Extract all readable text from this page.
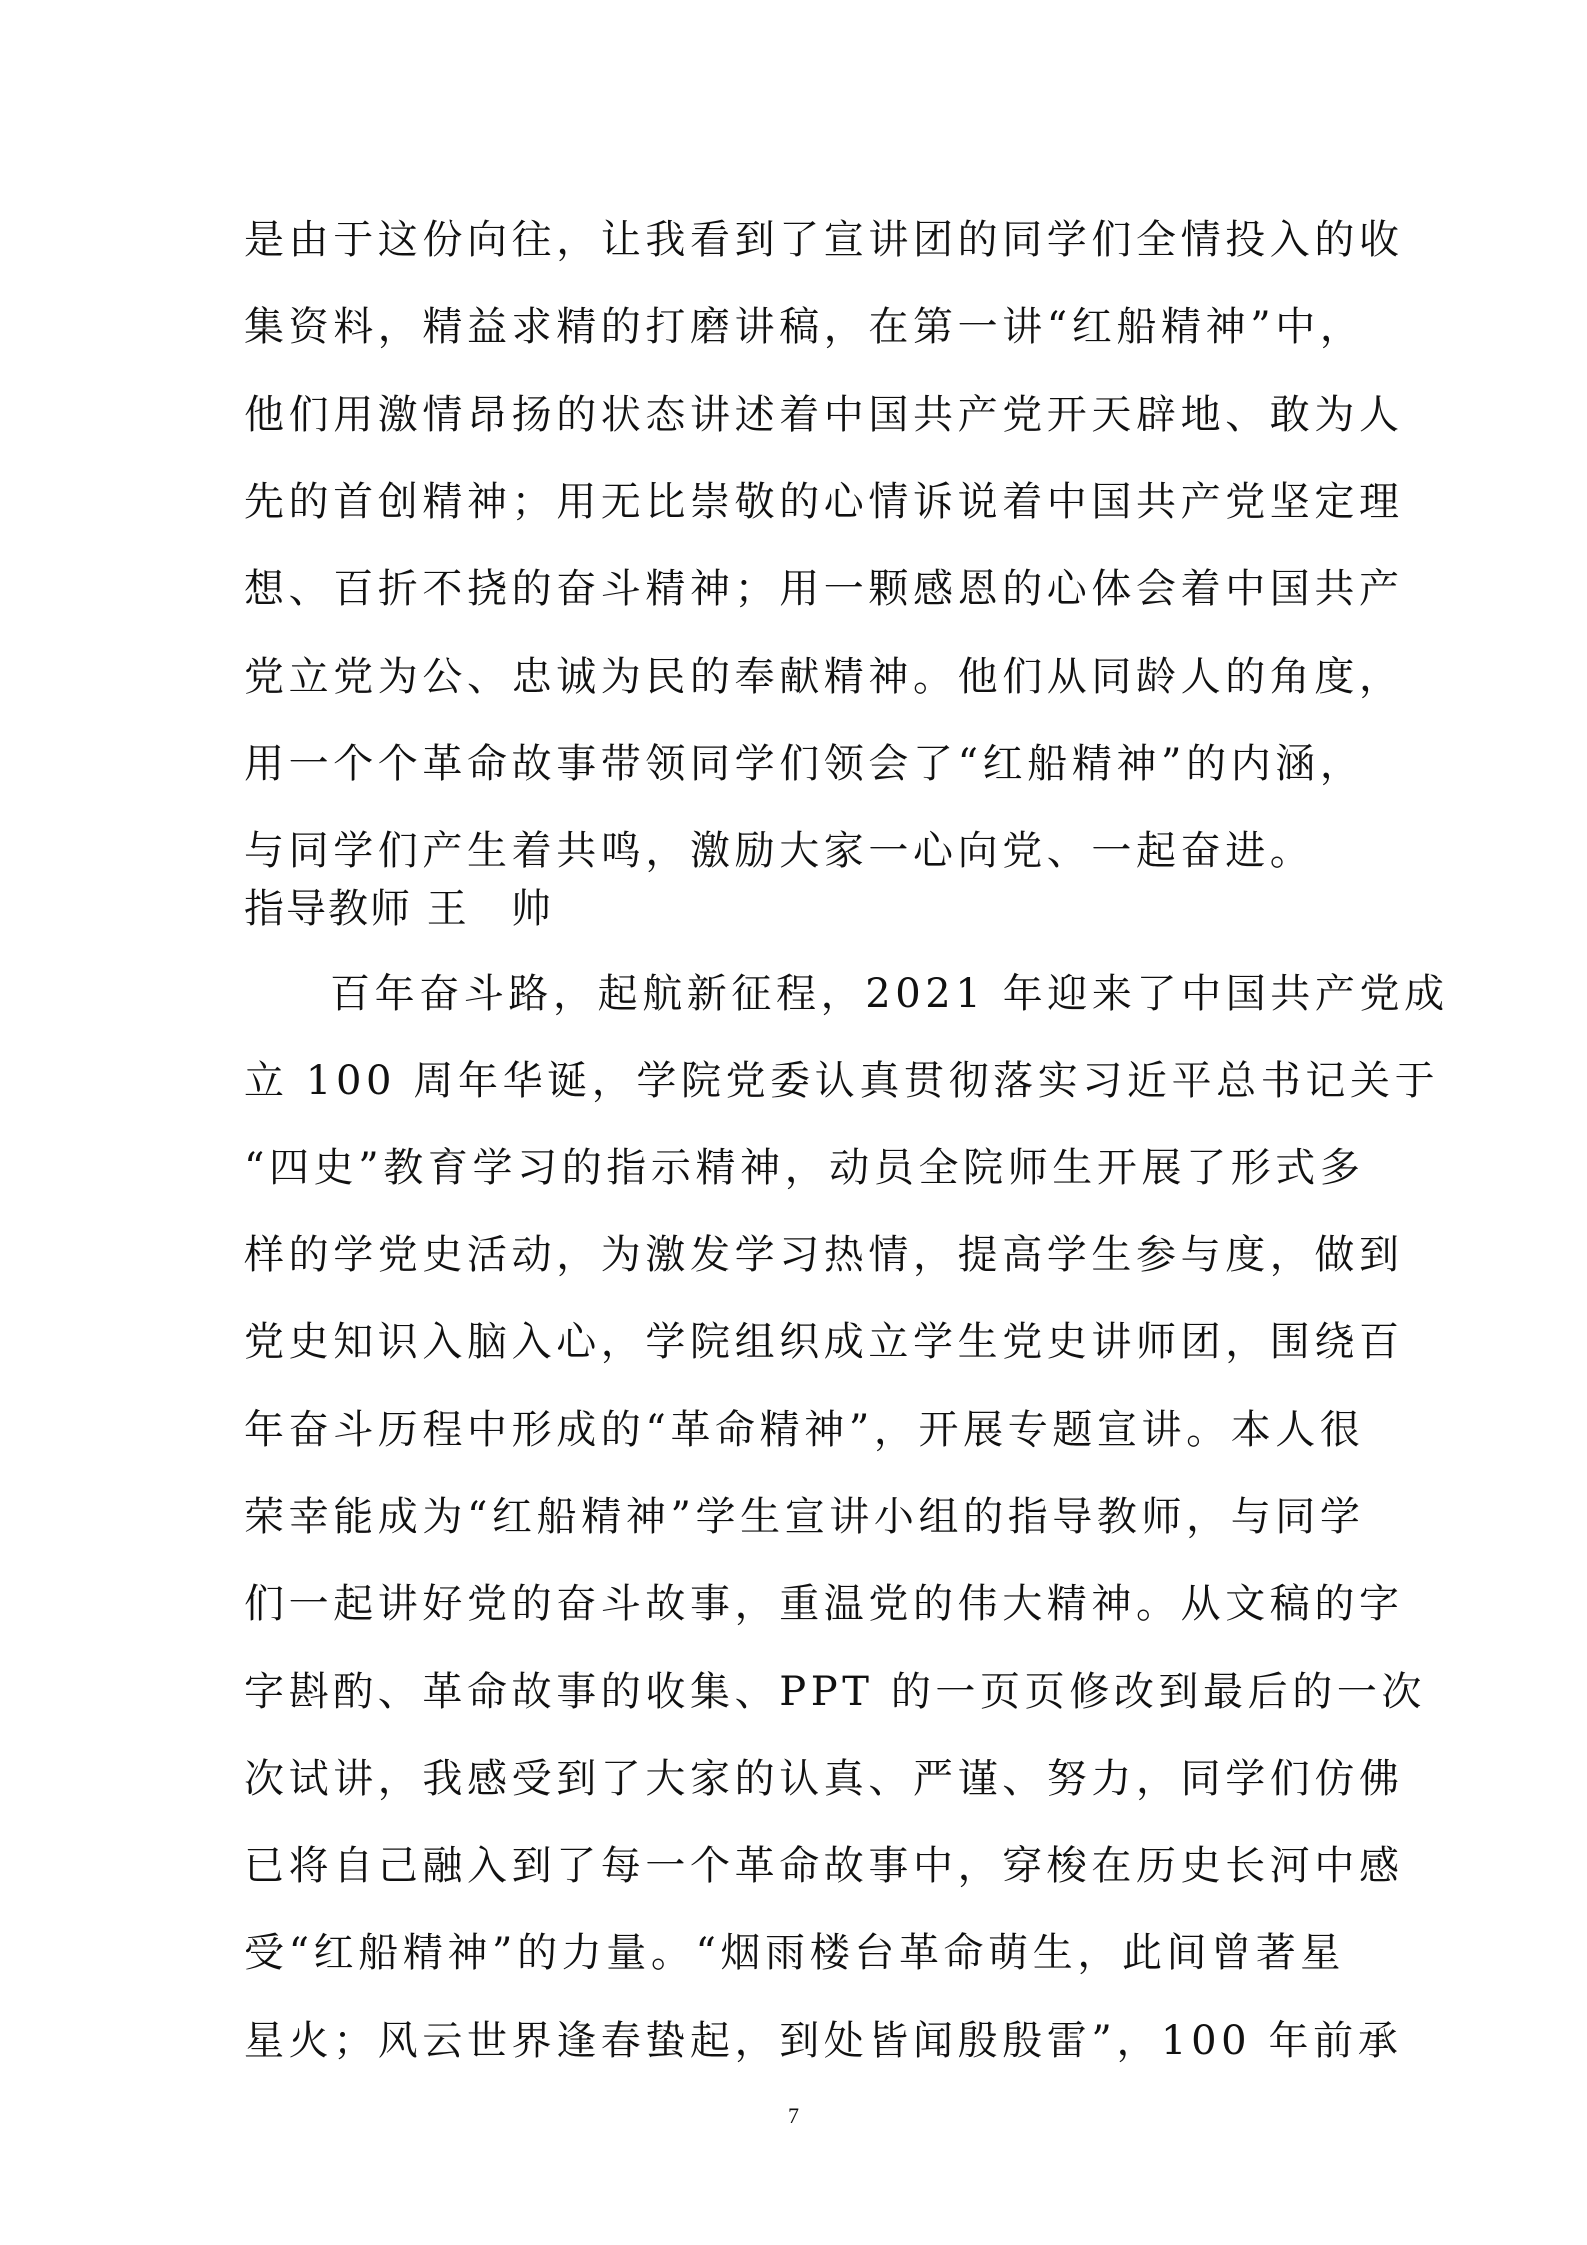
是由于这份向往，让我看到了宣讲团的同学们全情投入的收
集资料，精益求精的打磨讲稿，在第一讲“红船精神”中，
他们用激情昂扬的状态讲述着中国共产党开天辟地、敢为人
先的首创精神；用无比崇敬的心情诉说着中国共产党坚定理
想、百折不挠的奋斗精神；用一颗感恩的心体会着中国共产
党立党为公、忠诚为民的奉献精神。他们从同龄人的角度，
用一个个革命故事带领同学们领会了“红船精神”的内涵，
与同学们产生着共鸣，激励大家一心向党、一起奋进。
指导教师 王　帅
百年奋斗路，起航新征程，2021 年迎来了中国共产党成
立 100 周年华诞，学院党委认真贯彻落实习近平总书记关于
“四史”教育学习的指示精神，动员全院师生开展了形式多
样的学党史活动，为激发学习热情，提高学生参与度，做到
党史知识入脑入心，学院组织成立学生党史讲师团，围绕百
年奋斗历程中形成的“革命精神”，开展专题宣讲。本人很
荣幸能成为“红船精神”学生宣讲小组的指导教师，与同学
们一起讲好党的奋斗故事，重温党的伟大精神。从文稿的字
字斟酌、革命故事的收集、PPT 的一页页修改到最后的一次
次试讲，我感受到了大家的认真、严谨、努力，同学们仿佛
已将自己融入到了每一个革命故事中，穿梭在历史长河中感
受“红船精神”的力量。“烟雨楼台革命萌生，此间曾著星
星火；风云世界逢春蛰起，到处皆闻殷殷雷”，100 年前承
7
